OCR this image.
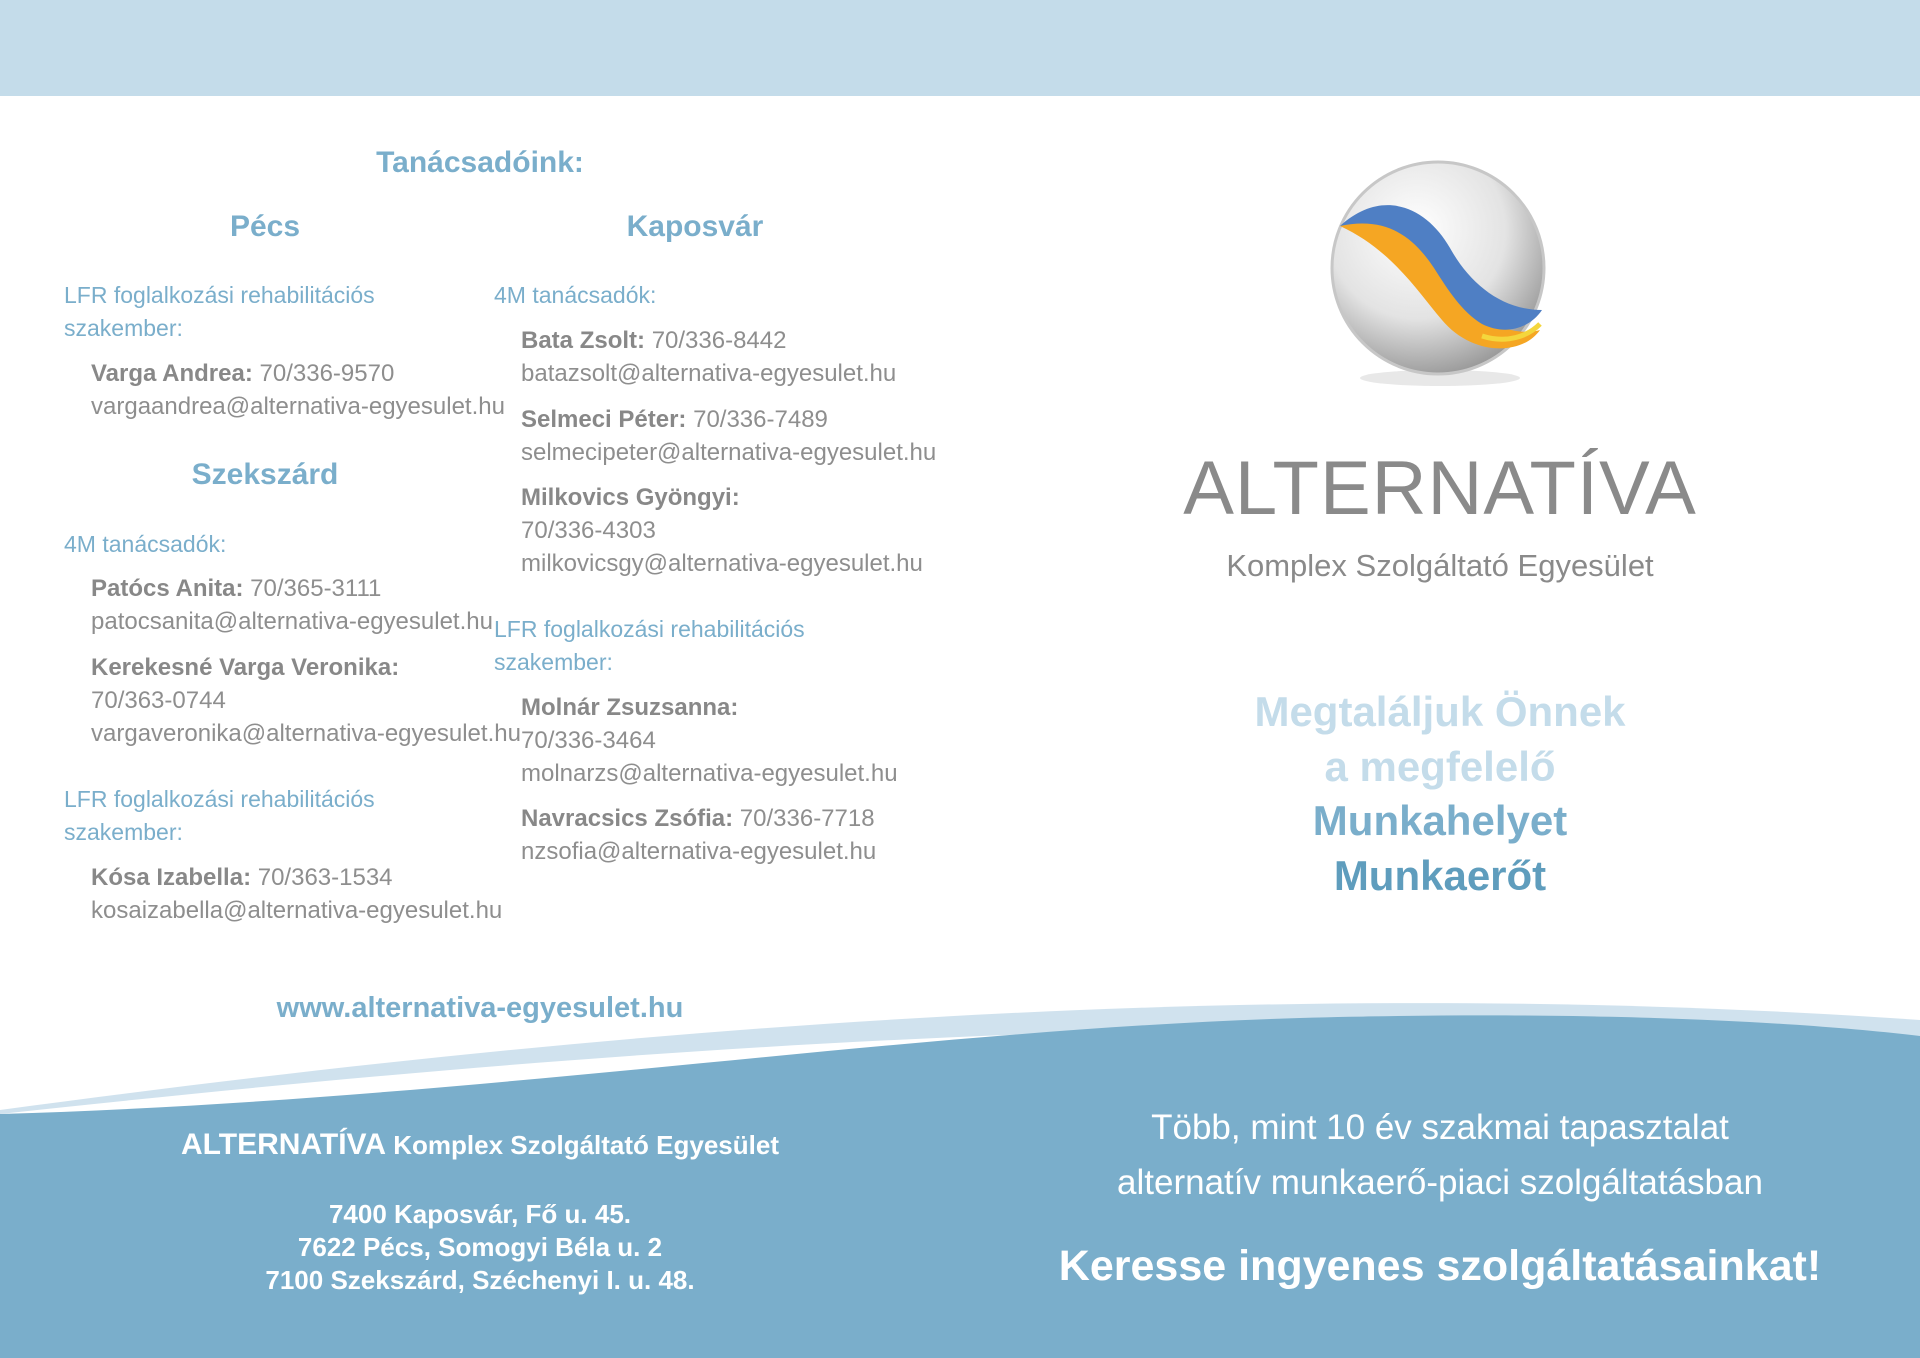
Tanácsadóink:
Pécs
LFR foglalkozási rehabilitációs szakember:
Varga Andrea: 70/336-9570
vargaandrea@alternativa-egyesulet.hu
Szekszárd
4M tanácsadók:
Patócs Anita: 70/365-3111
patocsanita@alternativa-egyesulet.hu
Kerekesné Varga Veronika:
70/363-0744
vargaveronika@alternativa-egyesulet.hu
LFR foglalkozási rehabilitációs szakember:
Kósa Izabella: 70/363-1534
kosaizabella@alternativa-egyesulet.hu
Kaposvár
4M tanácsadók:
Bata Zsolt: 70/336-8442
batazsolt@alternativa-egyesulet.hu
Selmeci Péter: 70/336-7489
selmecipeter@alternativa-egyesulet.hu
Milkovics Gyöngyi:
70/336-4303
milkovicsgy@alternativa-egyesulet.hu
LFR foglalkozási rehabilitációs szakember:
Molnár Zsuzsanna:
70/336-3464
molnarzs@alternativa-egyesulet.hu
Navracsics Zsófia: 70/336-7718
nzsofia@alternativa-egyesulet.hu
www.alternativa-egyesulet.hu
ALTERNATÍVA
Komplex Szolgáltató Egyesület
Megtaláljuk Önnek
a megfelelő
Munkahelyet
Munkaerőt
ALTERNATÍVA Komplex Szolgáltató Egyesület
7400 Kaposvár, Fő u. 45.
7622 Pécs, Somogyi Béla u. 2
7100 Szekszárd, Széchenyi I. u. 48.
Több, mint 10 év szakmai tapasztalat
alternatív munkaerő-piaci szolgáltatásban
Keresse ingyenes szolgáltatásainkat!
